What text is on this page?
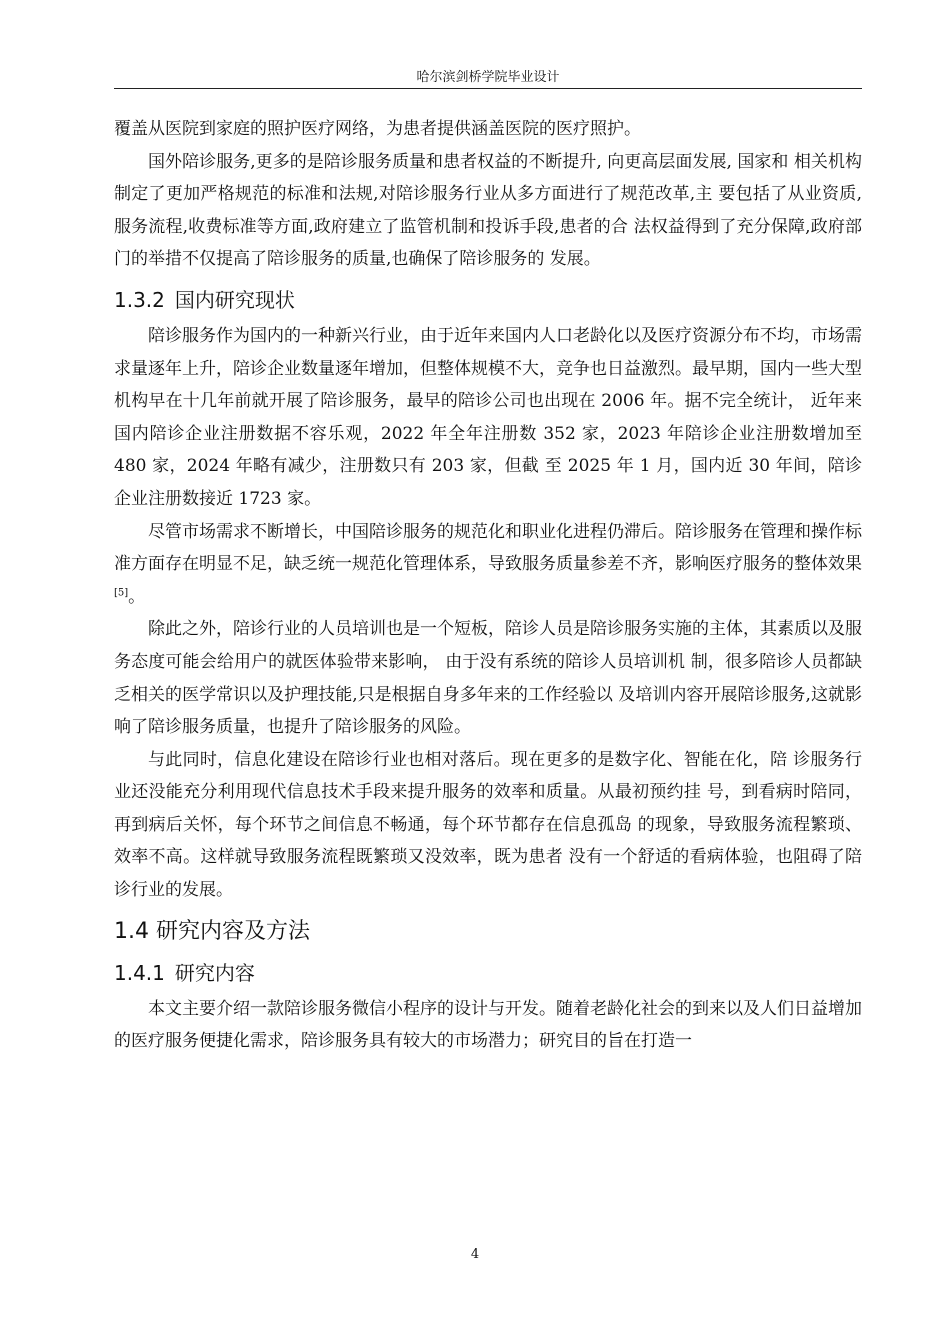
哈尔滨剑桥学院毕业设计

覆盖从医院到家庭的照护医疗网络，为患者提供涵盖医院的医疗照护。

国外陪诊服务,更多的是陪诊服务质量和患者权益的不断提升, 向更高层面发展, 国家和 相关机构制定了更加严格规范的标准和法规,对陪诊服务行业从多方面进行了规范改革,主 要包括了从业资质,服务流程,收费标准等方面,政府建立了监管机制和投诉手段,患者的合 法权益得到了充分保障,政府部门的举措不仅提高了陪诊服务的质量,也确保了陪诊服务的 发展。

1.3.2 国内研究现状

陪诊服务作为国内的一种新兴行业，由于近年来国内人口老龄化以及医疗资源分布不均，市场需求量逐年上升，陪诊企业数量逐年增加，但整体规模不大，竞争也日益激烈。最早期，国内一些大型机构早在十几年前就开展了陪诊服务，最早的陪诊公司也出现在 2006 年。据不完全统计， 近年来国内陪诊企业注册数据不容乐观，2022 年全年注册数 352 家，2023 年陪诊企业注册数增加至 480 家，2024 年略有减少，注册数只有 203 家，但截 至 2025 年 1 月，国内近 30 年间，陪诊企业注册数接近 1723 家。

尽管市场需求不断增长，中国陪诊服务的规范化和职业化进程仍滞后。陪诊服务在管理和操作标准方面存在明显不足，缺乏统一规范化管理体系，导致服务质量参差不齐，影响医疗服务的整体效果[5]。

除此之外，陪诊行业的人员培训也是一个短板，陪诊人员是陪诊服务实施的主体，其素质以及服务态度可能会给用户的就医体验带来影响， 由于没有系统的陪诊人员培训机 制，很多陪诊人员都缺乏相关的医学常识以及护理技能,只是根据自身多年来的工作经验以 及培训内容开展陪诊服务,这就影响了陪诊服务质量，也提升了陪诊服务的风险。

与此同时，信息化建设在陪诊行业也相对落后。现在更多的是数字化、智能在化，陪 诊服务行业还没能充分利用现代信息技术手段来提升服务的效率和质量。从最初预约挂 号，到看病时陪同，再到病后关怀，每个环节之间信息不畅通，每个环节都存在信息孤岛 的现象，导致服务流程繁琐、效率不高。这样就导致服务流程既繁琐又没效率，既为患者 没有一个舒适的看病体验，也阻碍了陪诊行业的发展。

1.4 研究内容及方法
1.4.1 研究内容

本文主要介绍一款陪诊服务微信小程序的设计与开发。随着老龄化社会的到来以及人们日益增加的医疗服务便捷化需求，陪诊服务具有较大的市场潜力；研究目的旨在打造一

4
